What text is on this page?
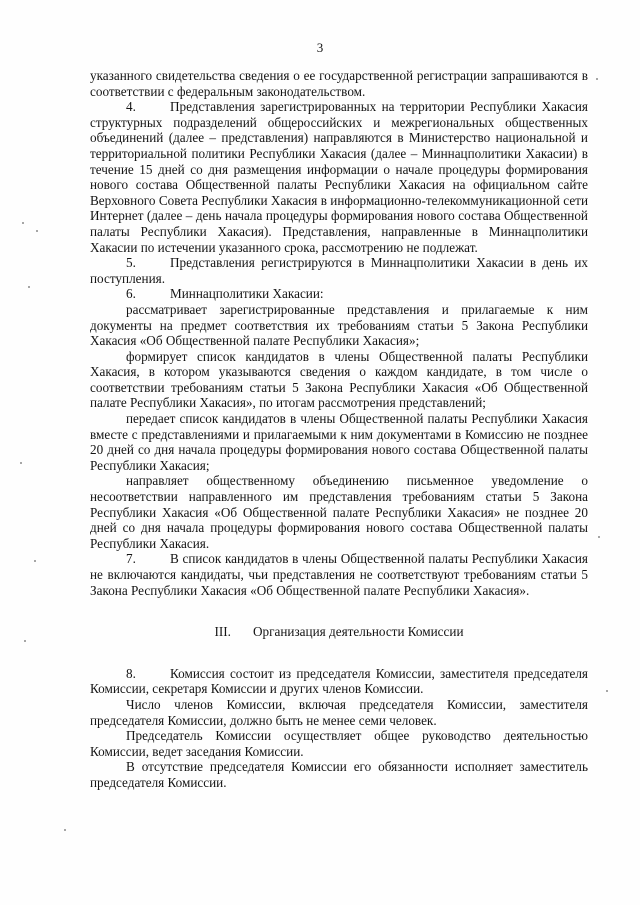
3

указанного свидетельства сведения о ее государственной регистрации запрашиваются в соответствии с федеральным законодательством.

4.	Представления зарегистрированных на территории Республики Хакасия структурных подразделений общероссийских и межрегиональных общественных объединений (далее – представления) направляются в Министерство национальной и территориальной политики Республики Хакасия (далее – Миннацполитики Хакасии) в течение 15 дней со дня размещения информации о начале процедуры формирования нового состава Общественной палаты Республики Хакасия на официальном сайте Верховного Совета Республики Хакасия в информационно-телекоммуникационной сети Интернет (далее – день начала процедуры формирования нового состава Общественной палаты Республики Хакасия). Представления, направленные в Миннацполитики Хакасии по истечении указанного срока, рассмотрению не подлежат.

5.	Представления регистрируются в Миннацполитики Хакасии в день их поступления.

6.	Миннацполитики Хакасии:

рассматривает зарегистрированные представления и прилагаемые к ним документы на предмет соответствия их требованиям статьи 5 Закона Республики Хакасия «Об Общественной палате Республики Хакасия»;

формирует список кандидатов в члены Общественной палаты Республики Хакасия, в котором указываются сведения о каждом кандидате, в том числе о соответствии требованиям статьи 5 Закона Республики Хакасия «Об Общественной палате Республики Хакасия», по итогам рассмотрения представлений;

передает список кандидатов в члены Общественной палаты Республики Хакасия вместе с представлениями и прилагаемыми к ним документами в Комиссию не позднее 20 дней со дня начала процедуры формирования нового состава Общественной палаты Республики Хакасия;

направляет общественному объединению письменное уведомление о несоответствии направленного им представления требованиям статьи 5 Закона Республики Хакасия «Об Общественной палате Республики Хакасия» не позднее 20 дней со дня начала процедуры формирования нового состава Общественной палаты Республики Хакасия.

7.	В список кандидатов в члены Общественной палаты Республики Хакасия не включаются кандидаты, чьи представления не соответствуют требованиям статьи 5 Закона Республики Хакасия «Об Общественной палате Республики Хакасия».

III. Организация деятельности Комиссии

8.	Комиссия состоит из председателя Комиссии, заместителя председателя Комиссии, секретаря Комиссии и других членов Комиссии.

Число членов Комиссии, включая председателя Комиссии, заместителя председателя Комиссии, должно быть не менее семи человек.

Председатель Комиссии осуществляет общее руководство деятельностью Комиссии, ведет заседания Комиссии.

В отсутствие председателя Комиссии его обязанности исполняет заместитель председателя Комиссии.
